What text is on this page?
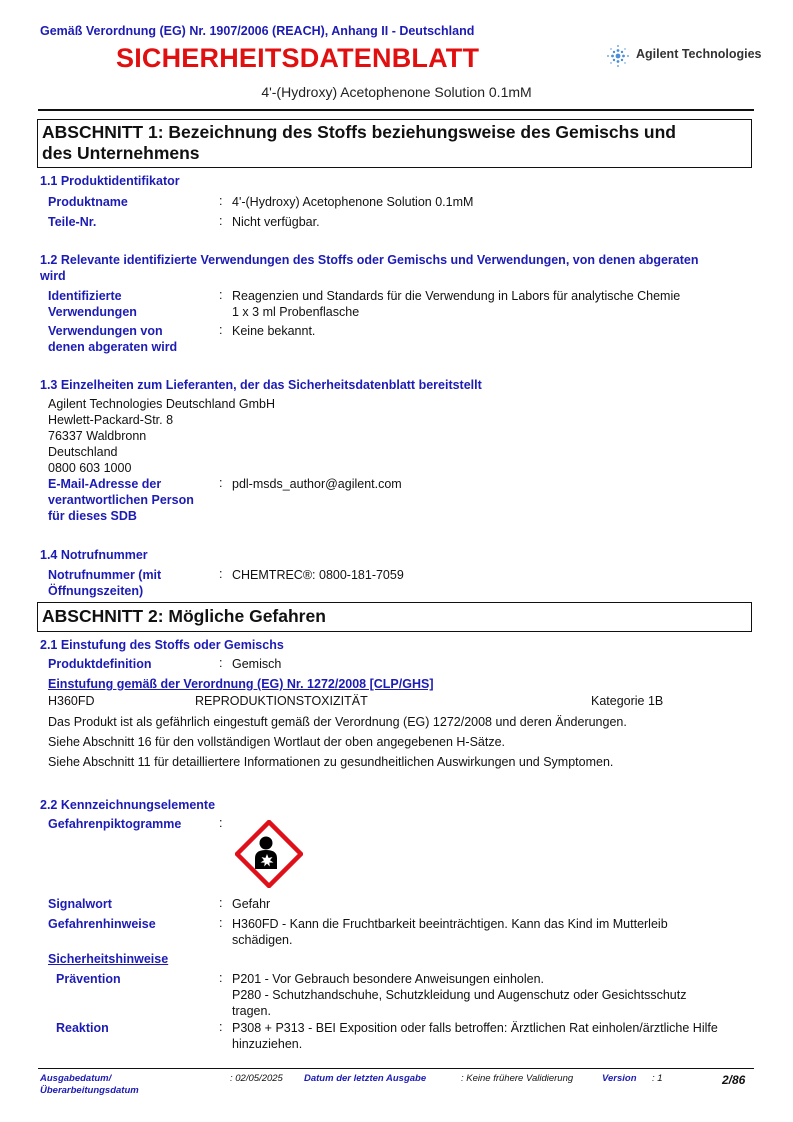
Gemäß Verordnung (EG) Nr. 1907/2006 (REACH), Anhang II - Deutschland
SICHERHEITSDATENBLATT	Agilent Technologies
4'-(Hydroxy) Acetophenone Solution 0.1mM
ABSCHNITT 1: Bezeichnung des Stoffs beziehungsweise des Gemischs und
des Unternehmens
1.1 Produktidentifikator
Produktname	: 4'-(Hydroxy) Acetophenone Solution 0.1mM
Teile-Nr.	: Nicht verfügbar.
1.2 Relevante identifizierte Verwendungen des Stoffs oder Gemischs und Verwendungen, von denen abgeraten
wird
Identifizierte
Verwendungen
: Reagenzien und Standards für die Verwendung in Labors für analytische Chemie
1 x 3 ml Probenflasche
Verwendungen von
denen abgeraten wird
: Keine bekannt.
1.3 Einzelheiten zum Lieferanten, der das Sicherheitsdatenblatt bereitstellt
Agilent Technologies Deutschland GmbH
Hewlett-Packard-Str. 8
76337 Waldbronn
Deutschland
0800 603 1000
E-Mail-Adresse der
verantwortlichen Person
für dieses SDB
: pdl-msds_author@agilent.com
1.4 Notrufnummer
Notrufnummer (mit
Öffnungszeiten)
: CHEMTREC®: 0800-181-7059
ABSCHNITT 2: Mögliche Gefahren
2.1 Einstufung des Stoffs oder Gemischs
Produktdefinition	: Gemisch
Einstufung gemäß der Verordnung (EG) Nr. 1272/2008 [CLP/GHS]
H360FD	REPRODUKTIONSTOXIZITÄT	Kategorie 1B
Das Produkt ist als gefährlich eingestuft gemäß der Verordnung (EG) 1272/2008 und deren Änderungen.
Siehe Abschnitt 16 für den vollständigen Wortlaut der oben angegebenen H-Sätze.
Siehe Abschnitt 11 für detailliertere Informationen zu gesundheitlichen Auswirkungen und Symptomen.
2.2 Kennzeichnungselemente
Gefahrenpiktogramme	:
Signalwort	: Gefahr
Gefahrenhinweise	: H360FD - Kann die Fruchtbarkeit beeinträchtigen. Kann das Kind im Mutterleib
schädigen.
Sicherheitshinweise
Prävention	: P201 - Vor Gebrauch besondere Anweisungen einholen.
P280 - Schutzhandschuhe, Schutzkleidung und Augenschutz oder Gesichtsschutz
tragen.
Reaktion	: P308 + P313 - BEI Exposition oder falls betroffen: Ärztlichen Rat einholen/ärztliche Hilfe
hinzuziehen.
Ausgabedatum/
Überarbeitungsdatum
: 02/05/2025 Datum der letzten Ausgabe	: Keine frühere Validierung	Version : 1	2/86
